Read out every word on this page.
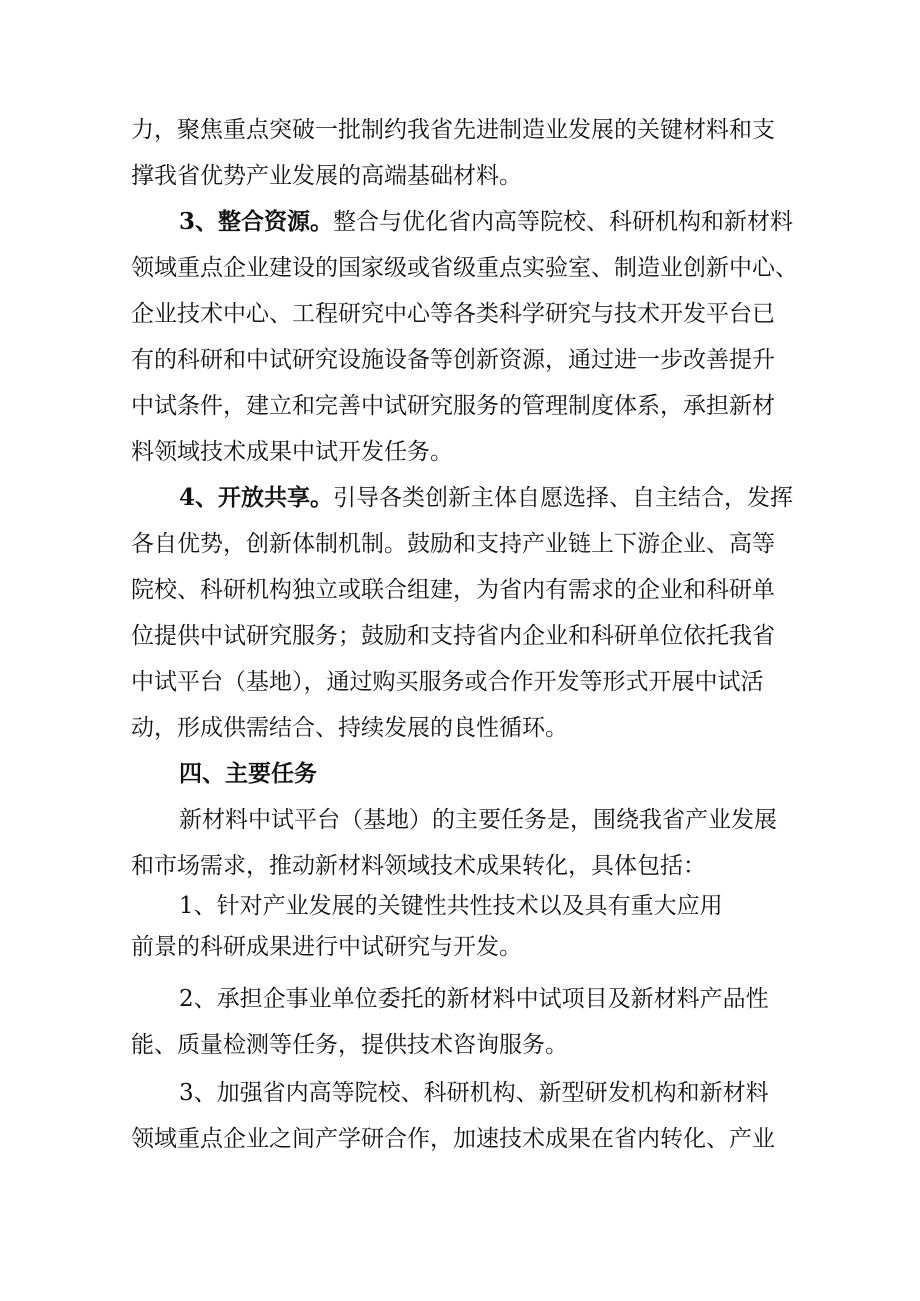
力，聚焦重点突破一批制约我省先进制造业发展的关键材料和支
撑我省优势产业发展的高端基础材料。
3、整合资源。整合与优化省内高等院校、科研机构和新材料
领域重点企业建设的国家级或省级重点实验室、制造业创新中心、
企业技术中心、工程研究中心等各类科学研究与技术开发平台已
有的科研和中试研究设施设备等创新资源，通过进一步改善提升
中试条件，建立和完善中试研究服务的管理制度体系，承担新材
料领域技术成果中试开发任务。
4、开放共享。引导各类创新主体自愿选择、自主结合，发挥
各自优势，创新体制机制。鼓励和支持产业链上下游企业、高等
院校、科研机构独立或联合组建，为省内有需求的企业和科研单
位提供中试研究服务；鼓励和支持省内企业和科研单位依托我省
中试平台（基地），通过购买服务或合作开发等形式开展中试活
动，形成供需结合、持续发展的良性循环。
四、主要任务
新材料中试平台（基地）的主要任务是，围绕我省产业发展
和市场需求，推动新材料领域技术成果转化，具体包括：
1、针对产业发展的关键性共性技术以及具有重大应用
前景的科研成果进行中试研究与开发。
2、承担企事业单位委托的新材料中试项目及新材料产品性
能、质量检测等任务，提供技术咨询服务。
3、加强省内高等院校、科研机构、新型研发机构和新材料
领域重点企业之间产学研合作，加速技术成果在省内转化、产业
